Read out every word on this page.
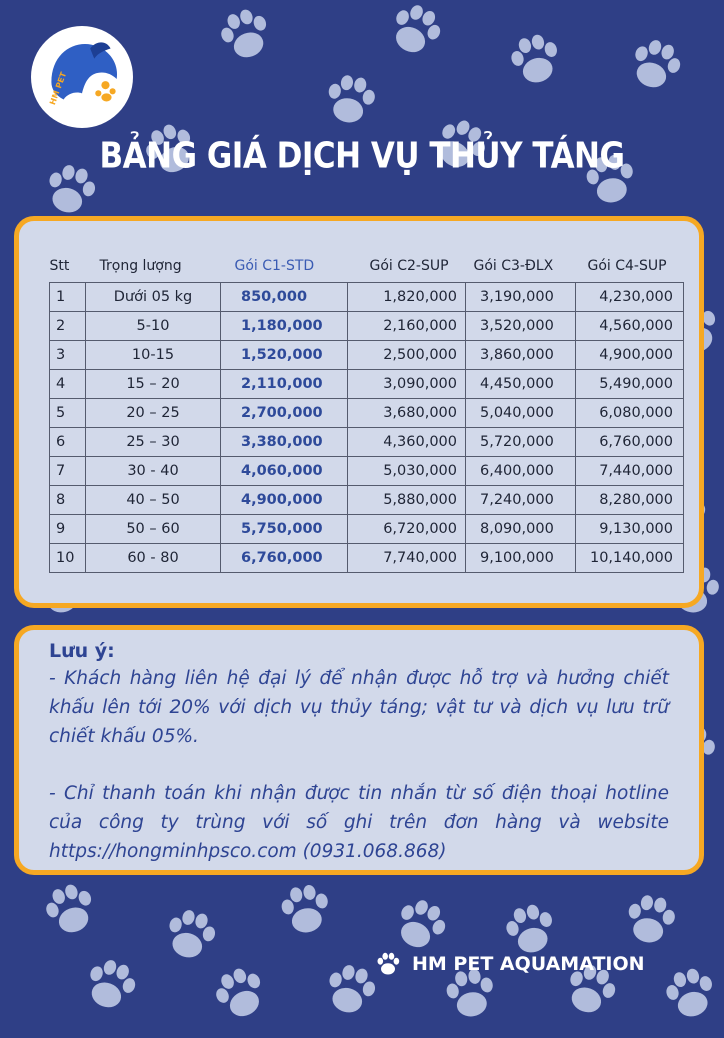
HM PET
BẢNG GIÁ DỊCH VỤ THỦY TÁNG
Stt	Trọng lượng	Gói C1-STD	Gói C2-SUP	Gói C3-ĐLX	Gói C4-SUP
1	Dưới 05 kg	850,000	1,820,000	3,190,000	4,230,000
2	5-10	1,180,000	2,160,000	3,520,000	4,560,000
3	10-15	1,520,000	2,500,000	3,860,000	4,900,000
4	15 – 20	2,110,000	3,090,000	4,450,000	5,490,000
5	20 – 25	2,700,000	3,680,000	5,040,000	6,080,000
6	25 – 30	3,380,000	4,360,000	5,720,000	6,760,000
7	30 - 40	4,060,000	5,030,000	6,400,000	7,440,000
8	40 – 50	4,900,000	5,880,000	7,240,000	8,280,000
9	50 – 60	5,750,000	6,720,000	8,090,000	9,130,000
10	60 - 80	6,760,000	7,740,000	9,100,000	10,140,000
Lưu ý:

- Khách hàng liên hệ đại lý để nhận được hỗ trợ và hưởng chiết khấu lên tới 20% với dịch vụ thủy táng; vật tư và dịch vụ lưu trữ chiết khấu 05%.

- Chỉ thanh toán khi nhận được tin nhắn từ số điện thoại hotline của công ty trùng với số ghi trên đơn hàng và website https://hongminhpsco.com (0931.068.868)

HM PET AQUAMATION
